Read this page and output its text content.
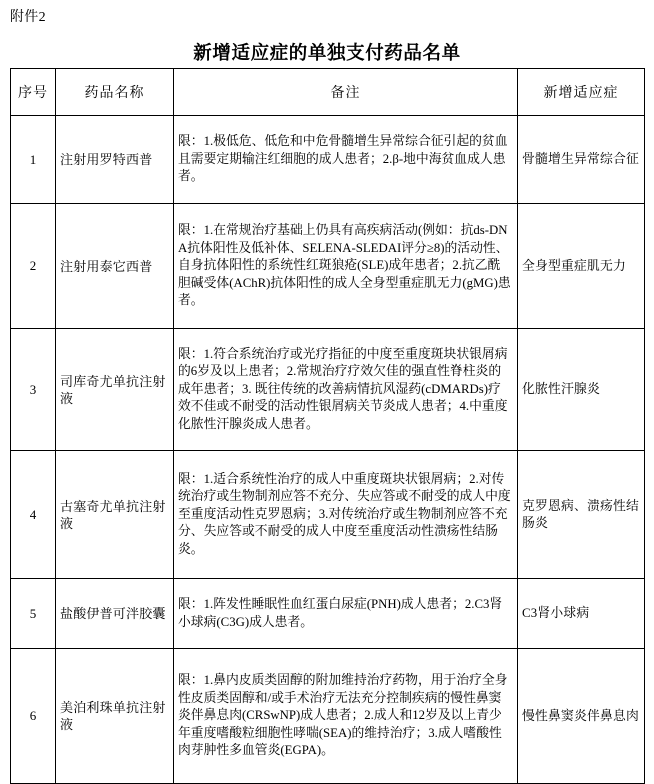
附件2
新增适应症的单独支付药品名单
序号	药品名称	备注	新增适应症
1	注射用罗特西普	限：1.极低危、低危和中危骨髓增生异常综合征引起的贫血且需要定期输注红细胞的成人患者；2.β-地中海贫血成人患者。	骨髓增生异常综合征
2	注射用泰它西普	限：1.在常规治疗基础上仍具有高疾病活动(例如：抗ds-DNA抗体阳性及低补体、SELENA-SLEDAI评分≥8)的活动性、自身抗体阳性的系统性红斑狼疮(SLE)成年患者；2.抗乙酰胆碱受体(AChR)抗体阳性的成人全身型重症肌无力(gMG)患者。	全身型重症肌无力
3	司库奇尤单抗注射液	限：1.符合系统治疗或光疗指征的中度至重度斑块状银屑病的6岁及以上患者；2.常规治疗疗效欠佳的强直性脊柱炎的成年患者；3. 既往传统的改善病情抗风湿药(cDMARDs)疗效不佳或不耐受的活动性银屑病关节炎成人患者；4.中重度化脓性汗腺炎成人患者。	化脓性汗腺炎
4	古塞奇尤单抗注射液	限：1.适合系统性治疗的成人中重度斑块状银屑病；2.对传统治疗或生物制剂应答不充分、失应答或不耐受的成人中度至重度活动性克罗恩病；3.对传统治疗或生物制剂应答不充分、失应答或不耐受的成人中度至重度活动性溃疡性结肠炎。	克罗恩病、溃疡性结肠炎
5	盐酸伊普可泮胶囊	限：1.阵发性睡眠性血红蛋白尿症(PNH)成人患者；2.C3肾小球病(C3G)成人患者。	C3肾小球病
6	美泊利珠单抗注射液	限：1.鼻内皮质类固醇的附加维持治疗药物，用于治疗全身性皮质类固醇和/或手术治疗无法充分控制疾病的慢性鼻窦炎伴鼻息肉(CRSwNP)成人患者；2.成人和12岁及以上青少年重度嗜酸粒细胞性哮喘(SEA)的维持治疗；3.成人嗜酸性肉芽肿性多血管炎(EGPA)。	慢性鼻窦炎伴鼻息肉
